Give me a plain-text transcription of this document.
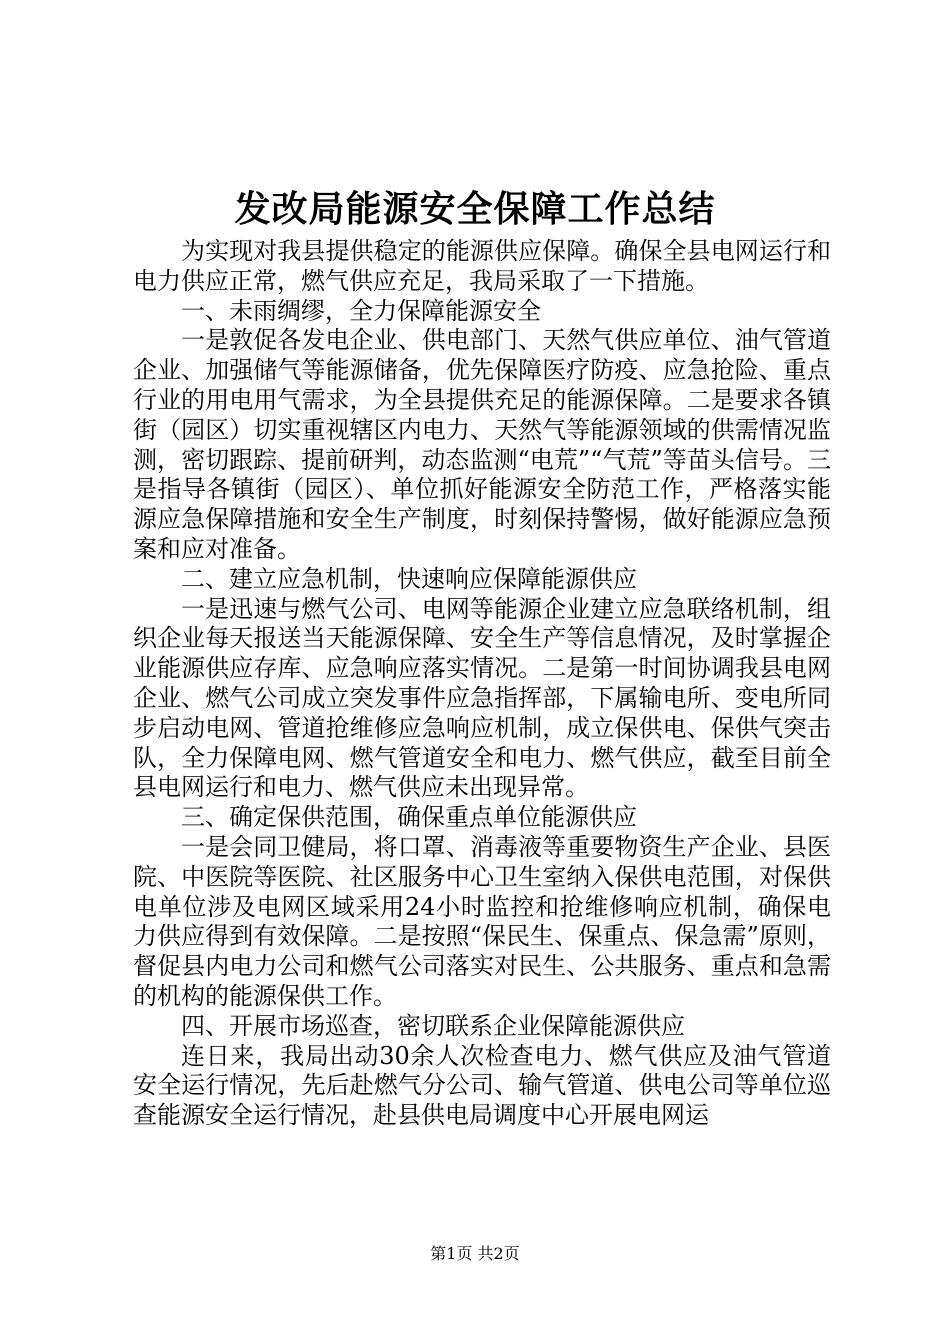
发改局能源安全保障工作总结

为实现对我县提供稳定的能源供应保障。确保全县电网运行和电力供应正常，燃气供应充足，我局采取了一下措施。

一、未雨绸缪，全力保障能源安全

一是敦促各发电企业、供电部门、天然气供应单位、油气管道企业、加强储气等能源储备，优先保障医疗防疫、应急抢险、重点行业的用电用气需求，为全县提供充足的能源保障。二是要求各镇街（园区）切实重视辖区内电力、天然气等能源领域的供需情况监测，密切跟踪、提前研判，动态监测“电荒”“气荒”等苗头信号。三是指导各镇街（园区）、单位抓好能源安全防范工作，严格落实能源应急保障措施和安全生产制度，时刻保持警惕，做好能源应急预案和应对准备。

二、建立应急机制，快速响应保障能源供应

一是迅速与燃气公司、电网等能源企业建立应急联络机制，组织企业每天报送当天能源保障、安全生产等信息情况，及时掌握企业能源供应存库、应急响应落实情况。二是第一时间协调我县电网企业、燃气公司成立突发事件应急指挥部，下属输电所、变电所同步启动电网、管道抢维修应急响应机制，成立保供电、保供气突击队，全力保障电网、燃气管道安全和电力、燃气供应，截至目前全县电网运行和电力、燃气供应未出现异常。

三、确定保供范围，确保重点单位能源供应

一是会同卫健局，将口罩、消毒液等重要物资生产企业、县医院、中医院等医院、社区服务中心卫生室纳入保供电范围，对保供电单位涉及电网区域采用24小时监控和抢维修响应机制，确保电力供应得到有效保障。二是按照“保民生、保重点、保急需”原则，督促县内电力公司和燃气公司落实对民生、公共服务、重点和急需的机构的能源保供工作。

四、开展市场巡查，密切联系企业保障能源供应

连日来，我局出动30余人次检查电力、燃气供应及油气管道安全运行情况，先后赴燃气分公司、输气管道、供电公司等单位巡查能源安全运行情况，赴县供电局调度中心开展电网运

第1页 共2页
